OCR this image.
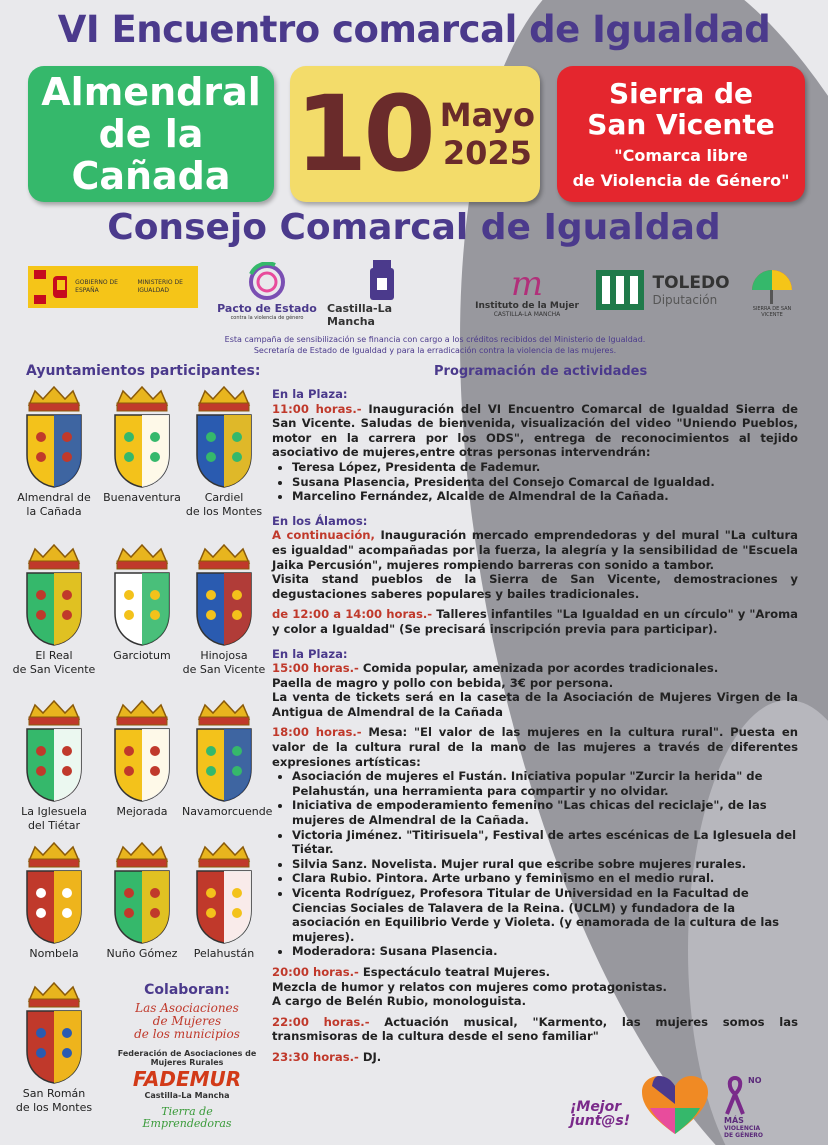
VI Encuentro comarcal de Igualdad
Almendral
de la
Cañada 10 Mayo
2025
Sierra de
San Vicente
"Comarca libre
de Violencia de Género"
Consejo Comarcal de Igualdad
GOBIERNO DE ESPAÑA
MINISTERIO DE IGUALDAD
Pacto de Estado
contra la violencia de género
Castilla-La Mancha
m
Instituto de la Mujer
CASTILLA-LA MANCHA
TOLEDO
Diputación
SIERRA DE SAN VICENTE
Esta campaña de sensibilización se financia con cargo a los créditos recibidos del Ministerio de Igualdad.
Secretaría de Estado de Igualdad y para la erradicación contra la violencia de las mujeres.
Ayuntamientos participantes:	Programación de actividades
Almendral de
la Cañada
Buenaventura	Cardiel
de los Montes
El Real
de San Vicente
Garciotum	Hinojosa
de San Vicente
La Iglesuela
del Tiétar
Mejorada	Navamorcuende
Nombela	Nuño Gómez	Pelahustán
San Román
de los Montes
Colaboran:
Las Asociaciones
de Mujeres
de los municipios
Federación de Asociaciones de Mujeres Rurales
FADEMUR
Castilla-La Mancha
Tierra de
Emprendedoras
En la Plaza:

11:00 horas.- Inauguración del VI Encuentro Comarcal de Igualdad Sierra de San Vicente. Saludas de bienvenida, visualización del video "Uniendo Pueblos, motor en la carrera por los ODS", entrega de reconocimientos al tejido asociativo de mujeres,entre otras personas intervendrán:

• Teresa López, Presidenta de Fademur.
• Susana Plasencia, Presidenta del Consejo Comarcal de Igualdad.
• Marcelino Fernández, Alcalde de Almendral de la Cañada.
En los Álamos:

A continuación, Inauguración mercado emprendedoras y del mural "La cultura es igualdad" acompañadas por la fuerza, la alegría y la sensibilidad de "Escuela Jaika Percusión", mujeres rompiendo barreras con sonido a tambor.

Visita stand pueblos de la Sierra de San Vicente, demostraciones y degustaciones saberes populares y bailes tradicionales.

de 12:00 a 14:00 horas.- Talleres infantiles "La Igualdad en un círculo" y "Aroma y color a Igualdad" (Se precisará inscripción previa para participar).

En la Plaza:

15:00 horas.- Comida popular, amenizada por acordes tradicionales.

Paella de magro y pollo con bebida, 3€ por persona.

La venta de tickets será en la caseta de la Asociación de Mujeres Virgen de la Antigua de Almendral de la Cañada

18:00 horas.- Mesa: "El valor de las mujeres en la cultura rural". Puesta en valor de la cultura rural de la mano de las mujeres a través de diferentes expresiones artísticas:

• Asociación de mujeres el Fustán. Iniciativa popular "Zurcir la herida" de Pelahustán, una herramienta para compartir y no olvidar.
• Iniciativa de empoderamiento femenino "Las chicas del reciclaje", de las mujeres de Almendral de la Cañada.
• Victoria Jiménez. "Titirisuela", Festival de artes escénicas de La Iglesuela del Tiétar.
• Silvia Sanz. Novelista. Mujer rural que escribe sobre mujeres rurales.
• Clara Rubio. Pintora. Arte urbano y feminismo en el medio rural.
• Vicenta Rodríguez, Profesora Titular de Universidad en la Facultad de Ciencias Sociales de Talavera de la Reina. (UCLM) y fundadora de la asociación en Equilibrio Verde y Violeta. (y enamorada de la cultura de las mujeres).
• Moderadora: Susana Plasencia.

20:00 horas.- Espectáculo teatral Mujeres.

Mezcla de humor y relatos con mujeres como protagonistas.

A cargo de Belén Rubio, monologuista.

22:00 horas.- Actuación musical, "Karmento, las mujeres somos las transmisoras de la cultura desde el seno familiar"

23:30 horas.- DJ.

¡Mejor
junt@s!
NO
MÁS
VIOLENCIA
DE GÉNERO
